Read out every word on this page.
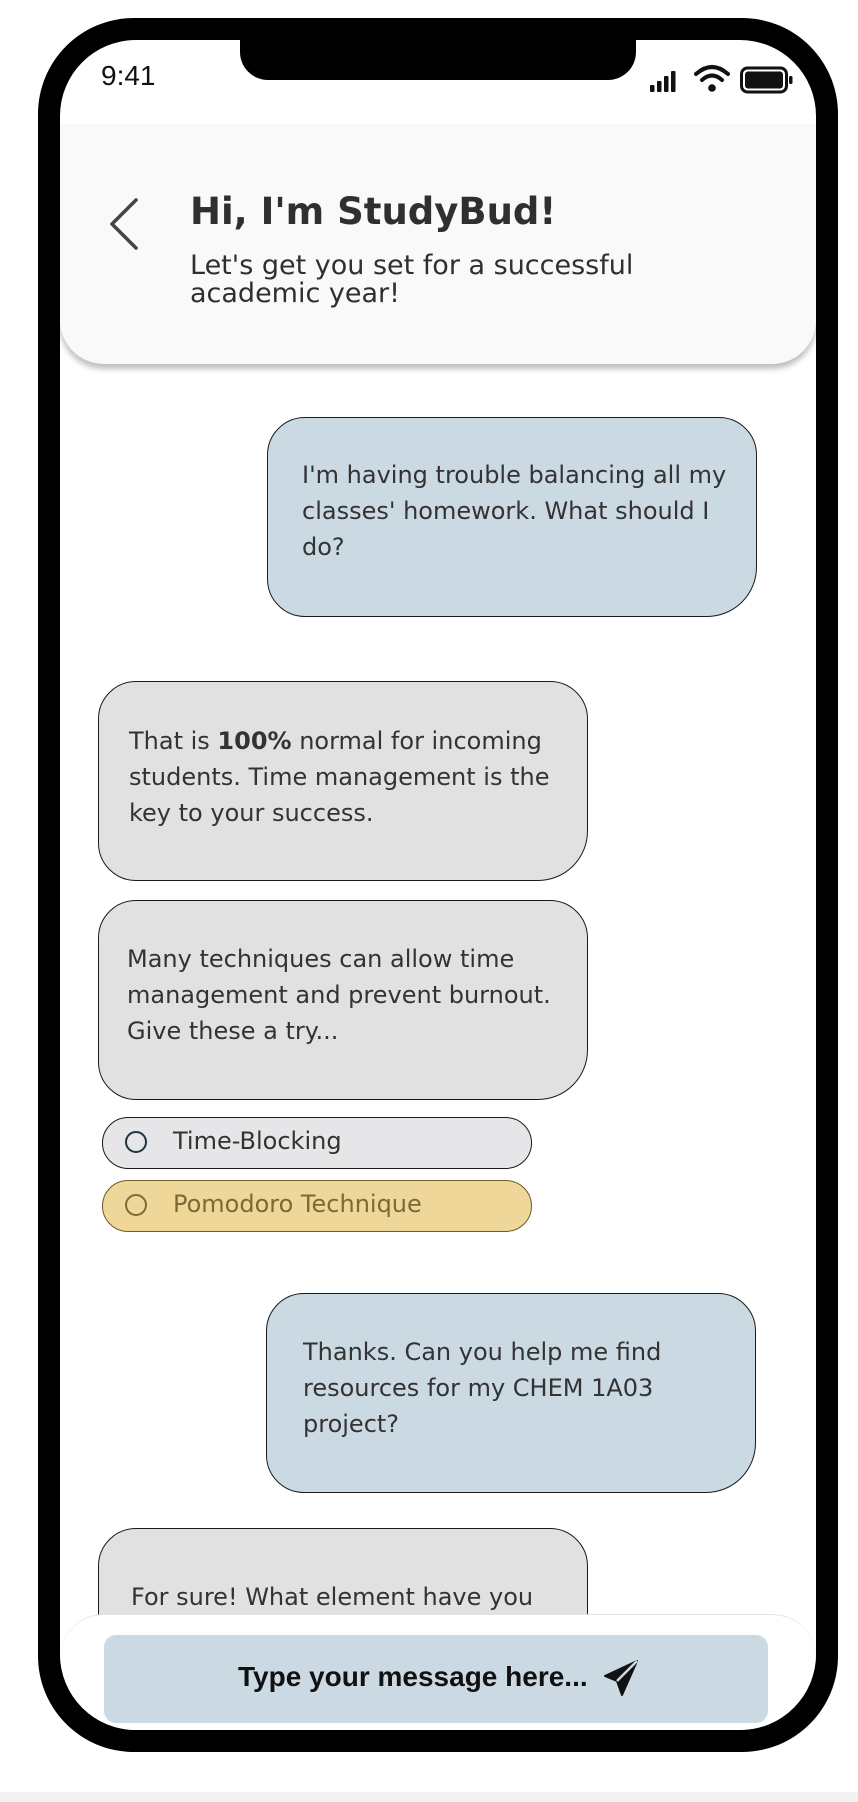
9:41
Hi, I'm StudyBud!
Let's get you set for a successful academic year!
I'm having trouble balancing all my classes' homework. What should I do?
That is 100% normal for incoming students. Time management is the key to your success.
Many techniques can allow time management and prevent burnout. Give these a try...
Time-Blocking
Pomodoro Technique
Thanks. Can you help me find resources for my CHEM 1A03 project?
For sure! What element have you
Type your message here...
